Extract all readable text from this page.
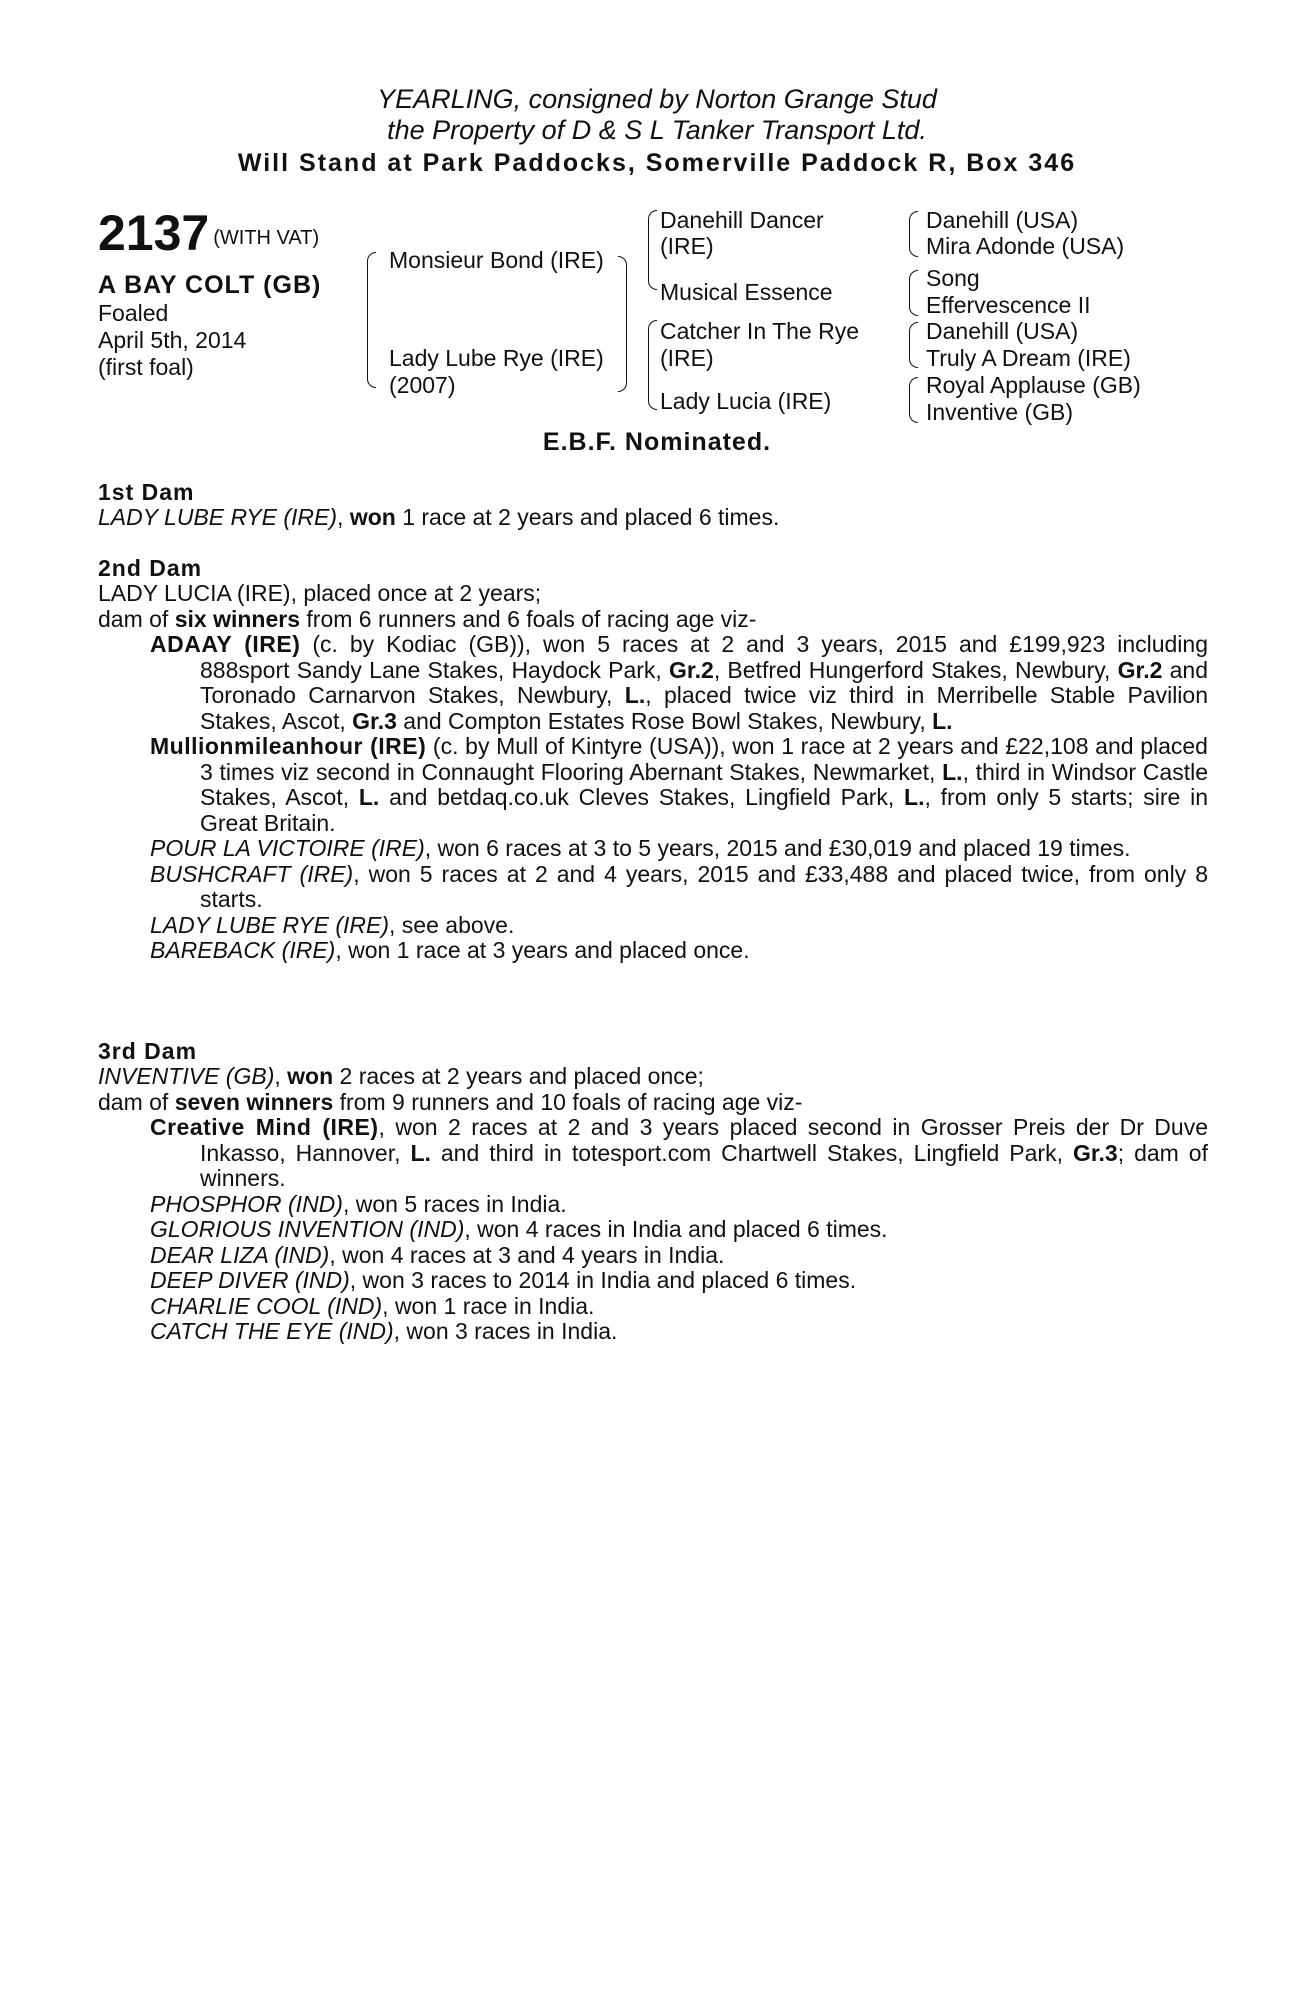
YEARLING, consigned by Norton Grange Stud
the Property of D & S L Tanker Transport Ltd.
Will Stand at Park Paddocks, Somerville Paddock R, Box 346
2137 (WITH VAT)
A BAY COLT (GB)
Foaled
April 5th, 2014
(first foal)
Monsieur Bond (IRE)
Lady Lube Rye (IRE)
(2007)
Danehill Dancer
(IRE)
Musical Essence
Catcher In The Rye
(IRE)
Lady Lucia (IRE)
Danehill (USA)
Mira Adonde (USA)
Song
Effervescence II
Danehill (USA)
Truly A Dream (IRE)
Royal Applause (GB)
Inventive (GB)
E.B.F. Nominated.
1st Dam
LADY LUBE RYE (IRE), won 1 race at 2 years and placed 6 times.
2nd Dam
LADY LUCIA (IRE), placed once at 2 years;
dam of six winners from 6 runners and 6 foals of racing age viz-
ADAAY (IRE) (c. by Kodiac (GB)), won 5 races at 2 and 3 years, 2015 and £199,923 including 888sport Sandy Lane Stakes, Haydock Park, Gr.2, Betfred Hungerford Stakes, Newbury, Gr.2 and Toronado Carnarvon Stakes, Newbury, L., placed twice viz third in Merribelle Stable Pavilion Stakes, Ascot, Gr.3 and Compton Estates Rose Bowl Stakes, Newbury, L.
Mullionmileanhour (IRE) (c. by Mull of Kintyre (USA)), won 1 race at 2 years and £22,108 and placed 3 times viz second in Connaught Flooring Abernant Stakes, Newmarket, L., third in Windsor Castle Stakes, Ascot, L. and betdaq.co.uk Cleves Stakes, Lingfield Park, L., from only 5 starts; sire in Great Britain.
POUR LA VICTOIRE (IRE), won 6 races at 3 to 5 years, 2015 and £30,019 and placed 19 times.
BUSHCRAFT (IRE), won 5 races at 2 and 4 years, 2015 and £33,488 and placed twice, from only 8 starts.
LADY LUBE RYE (IRE), see above.
BAREBACK (IRE), won 1 race at 3 years and placed once.
3rd Dam
INVENTIVE (GB), won 2 races at 2 years and placed once;
dam of seven winners from 9 runners and 10 foals of racing age viz-
Creative Mind (IRE), won 2 races at 2 and 3 years placed second in Grosser Preis der Dr Duve Inkasso, Hannover, L. and third in totesport.com Chartwell Stakes, Lingfield Park, Gr.3; dam of winners.
PHOSPHOR (IND), won 5 races in India.
GLORIOUS INVENTION (IND), won 4 races in India and placed 6 times.
DEAR LIZA (IND), won 4 races at 3 and 4 years in India.
DEEP DIVER (IND), won 3 races to 2014 in India and placed 6 times.
CHARLIE COOL (IND), won 1 race in India.
CATCH THE EYE (IND), won 3 races in India.
